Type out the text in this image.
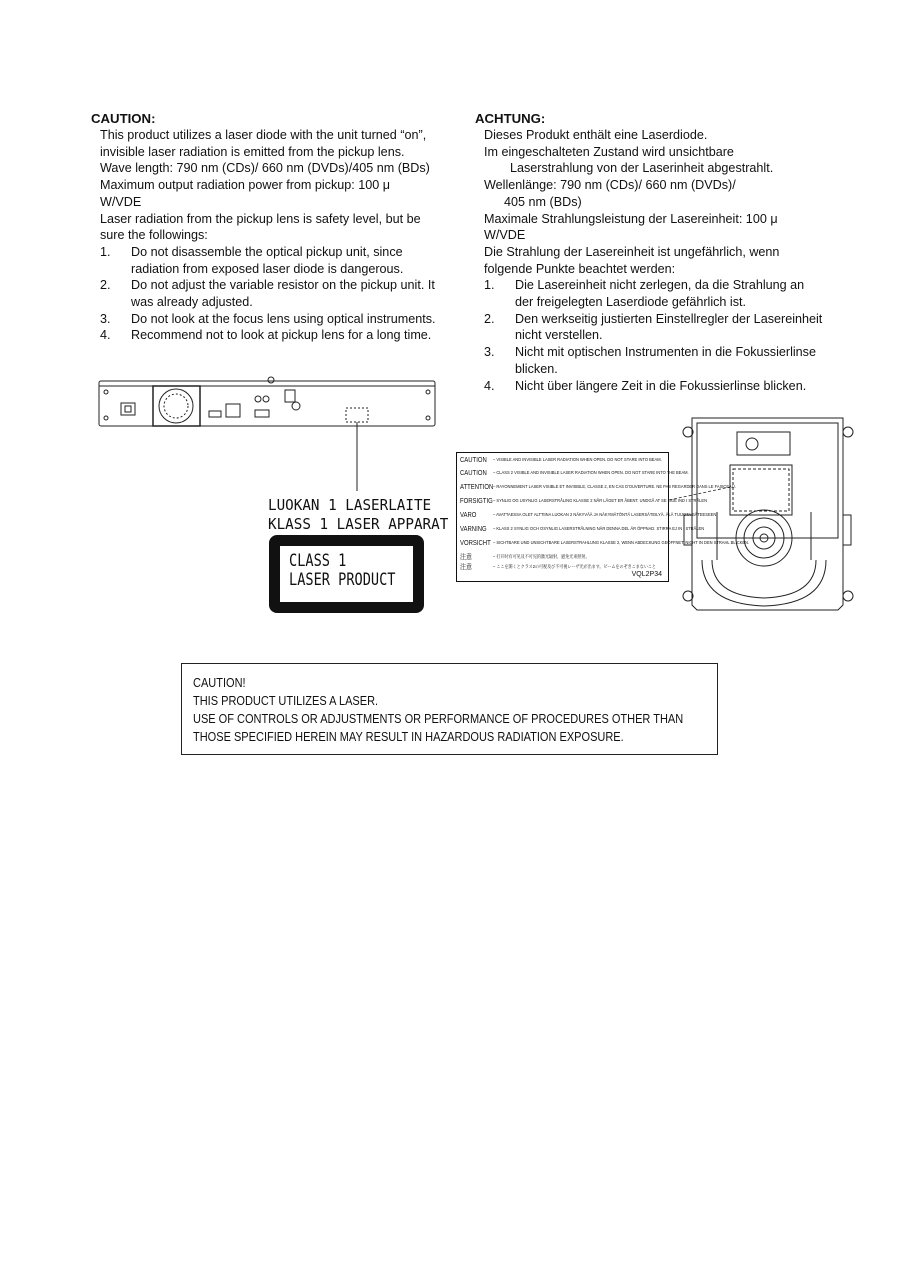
CAUTION:

This product utilizes a laser diode with the unit turned “on”,

invisible laser radiation is emitted from the pickup lens.

Wave length: 790 nm (CDs)/ 660 nm (DVDs)/405 nm (BDs)

Maximum output radiation power from pickup: 100 μ

W/VDE

Laser radiation from the pickup lens is safety level, but be

sure the followings:

1. Do not disassemble the optical pickup unit, since
radiation from exposed laser diode is dangerous.
2. Do not adjust the variable resistor on the pickup unit. It
was already adjusted.
3. Do not look at the focus lens using optical instruments.
4. Recommend not to look at pickup lens for a long time.
ACHTUNG:

Dieses Produkt enthält eine Laserdiode.

Im eingeschalteten Zustand wird unsichtbare

Laserstrahlung von der Laserinheit abgestrahlt.

Wellenlänge: 790 nm (CDs)/ 660 nm (DVDs)/

405 nm (BDs)

Maximale Strahlungsleistung der Lasereinheit: 100 μ

W/VDE

Die Strahlung der Lasereinheit ist ungefährlich, wenn

folgende Punkte beachtet werden:

1. Die Lasereinheit nicht zerlegen, da die Strahlung an
der freigelegten Laserdiode gefährlich ist.
2. Den werkseitig justierten Einstellregler der Lasereinheit
nicht verstellen.
3. Nicht mit optischen Instrumenten in die Fokussierlinse
blicken.
4. Nicht über längere Zeit in die Fokussierlinse blicken.
LUOKAN 1 LASERLAITE
KLASS 1 LASER APPARAT
CLASS 1
LASER PRODUCT
CAUTION – VISIBLE AND INVISIBLE LASER RADIATION WHEN OPEN. DO NOT STARE INTO BEAM.
CAUTION – CLASS 2 VISIBLE AND INVISIBLE LASER RADIATION WHEN OPEN. DO NOT STARE INTO THE BEAM.
ATTENTION– RAYONNEMENT LASER VISIBLE ET INVISIBLE, CLASSE 2, EN CAS D'OUVERTURE. NE PAS REGARDER DANS LE FAISCEAU.
FORSIGTIG– SYNLIG OG USYNLIG LASERSTRÅLING KLASSE 2 NÅR LÅGET ER ÅBENT. UNDGÅ AT SE LIGE IND I STRÅLEN
VARO	– AVATTAESSA OLET ALTTIINA LUOKAN 2 NÄKYVÄÄ JA NÄKYMÄTÖNTÄ LASERSÄTEILYÄ. ÄLÄ TUIJOTA SÄTEESEEN
VARNING – KLASS 2 SYNLIG OCH OSYNLIG LASERSTRÅLNING NÄR DENNA DEL ÄR ÖPPNAD. STIRRA EJ IN I STRÅLEN
VORSICHT – SICHTBARE UND UNSICHTBARE LASERSTRAHLUNG KLASSE 2, WENN ABDECKUNG GEÖFFNET. NICHT IN DEN STRAHL BLICKEN.
注意	– 打开时有可见及不可见的激光辐射，避免光束照射。
注意	– ここを開くとクラス2の可視及び不可視レーザ光が出ます。ビームをのぞきこまないこと
VQL2P34
CAUTION!
THIS PRODUCT UTILIZES A LASER.
USE OF CONTROLS OR ADJUSTMENTS OR PERFORMANCE OF PROCEDURES OTHER THAN
THOSE SPECIFIED HEREIN MAY RESULT IN HAZARDOUS RADIATION EXPOSURE.
